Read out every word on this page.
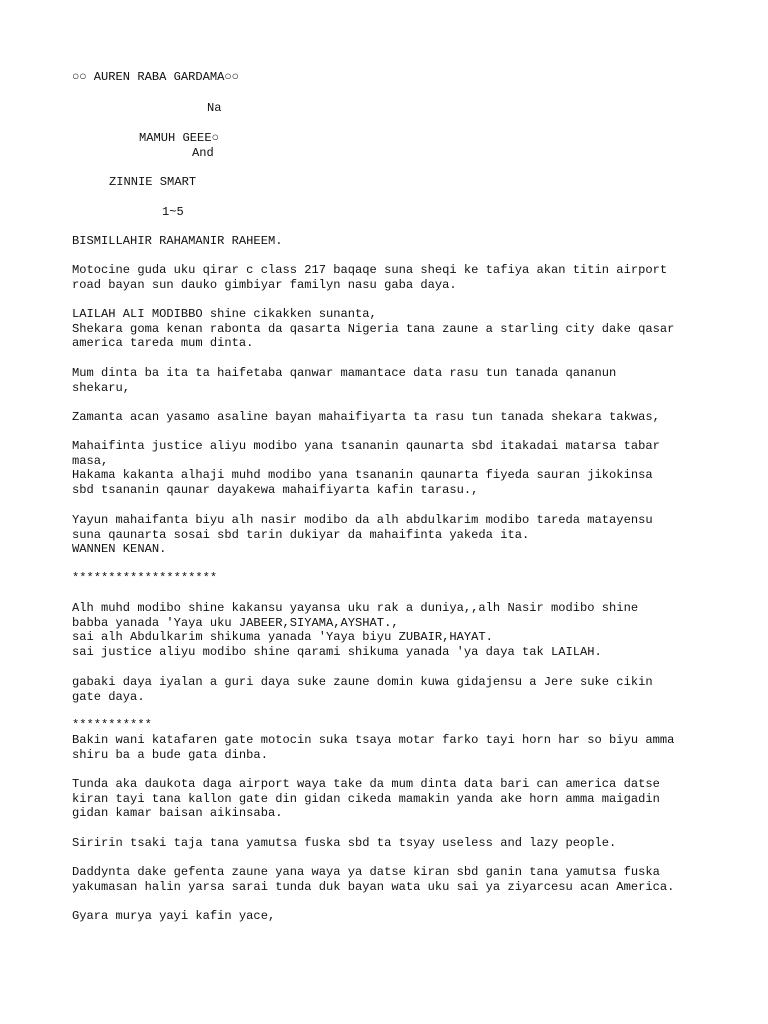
○○ AUREN RABA GARDAMA○○
Na
MAMUH GEEE○
And
ZINNIE SMART
1~5
BISMILLAHIR RAHAMANIR RAHEEM.
Motocine guda uku qirar c class 217 baqaqe suna sheqi ke tafiya akan titin airport
road bayan sun dauko gimbiyar familyn nasu gaba daya.
LAILAH ALI MODIBBO shine cikakken sunanta,
Shekara goma kenan rabonta da qasarta Nigeria tana zaune a starling city dake qasar
america tareda mum dinta.
Mum dinta ba ita ta haifetaba qanwar mamantace data rasu tun tanada qananun
shekaru,
Zamanta acan yasamo asaline bayan mahaifiyarta ta rasu tun tanada shekara takwas,
Mahaifinta justice aliyu modibo yana tsananin qaunarta sbd itakadai matarsa tabar
masa,
Hakama kakanta alhaji muhd modibo yana tsananin qaunarta fiyeda sauran jikokinsa
sbd tsananin qaunar dayakewa mahaifiyarta kafin tarasu.,
Yayun mahaifanta biyu alh nasir modibo da alh abdulkarim modibo tareda matayensu
suna qaunarta sosai sbd tarin dukiyar da mahaifinta yakeda ita.
WANNEN KENAN.
********************
Alh muhd modibo shine kakansu yayansa uku rak a duniya,,alh Nasir modibo shine
babba yanada 'Yaya uku JABEER,SIYAMA,AYSHAT.,
sai alh Abdulkarim shikuma yanada 'Yaya biyu ZUBAIR,HAYAT.
sai justice aliyu modibo shine qarami shikuma yanada 'ya daya tak LAILAH.
gabaki daya iyalan a guri daya suke zaune domin kuwa gidajensu a Jere suke cikin
gate daya.
***********
Bakin wani katafaren gate motocin suka tsaya motar farko tayi horn har so biyu amma
shiru ba a bude gata dinba.
Tunda aka daukota daga airport waya take da mum dinta data bari can america datse
kiran tayi tana kallon gate din gidan cikeda mamakin yanda ake horn amma maigadin
gidan kamar baisan aikinsaba.
Siririn tsaki taja tana yamutsa fuska sbd ta tsyay useless and lazy people.
Daddynta dake gefenta zaune yana waya ya datse kiran sbd ganin tana yamutsa fuska
yakumasan halin yarsa sarai tunda duk bayan wata uku sai ya ziyarcesu acan America.
Gyara murya yayi kafin yace,
